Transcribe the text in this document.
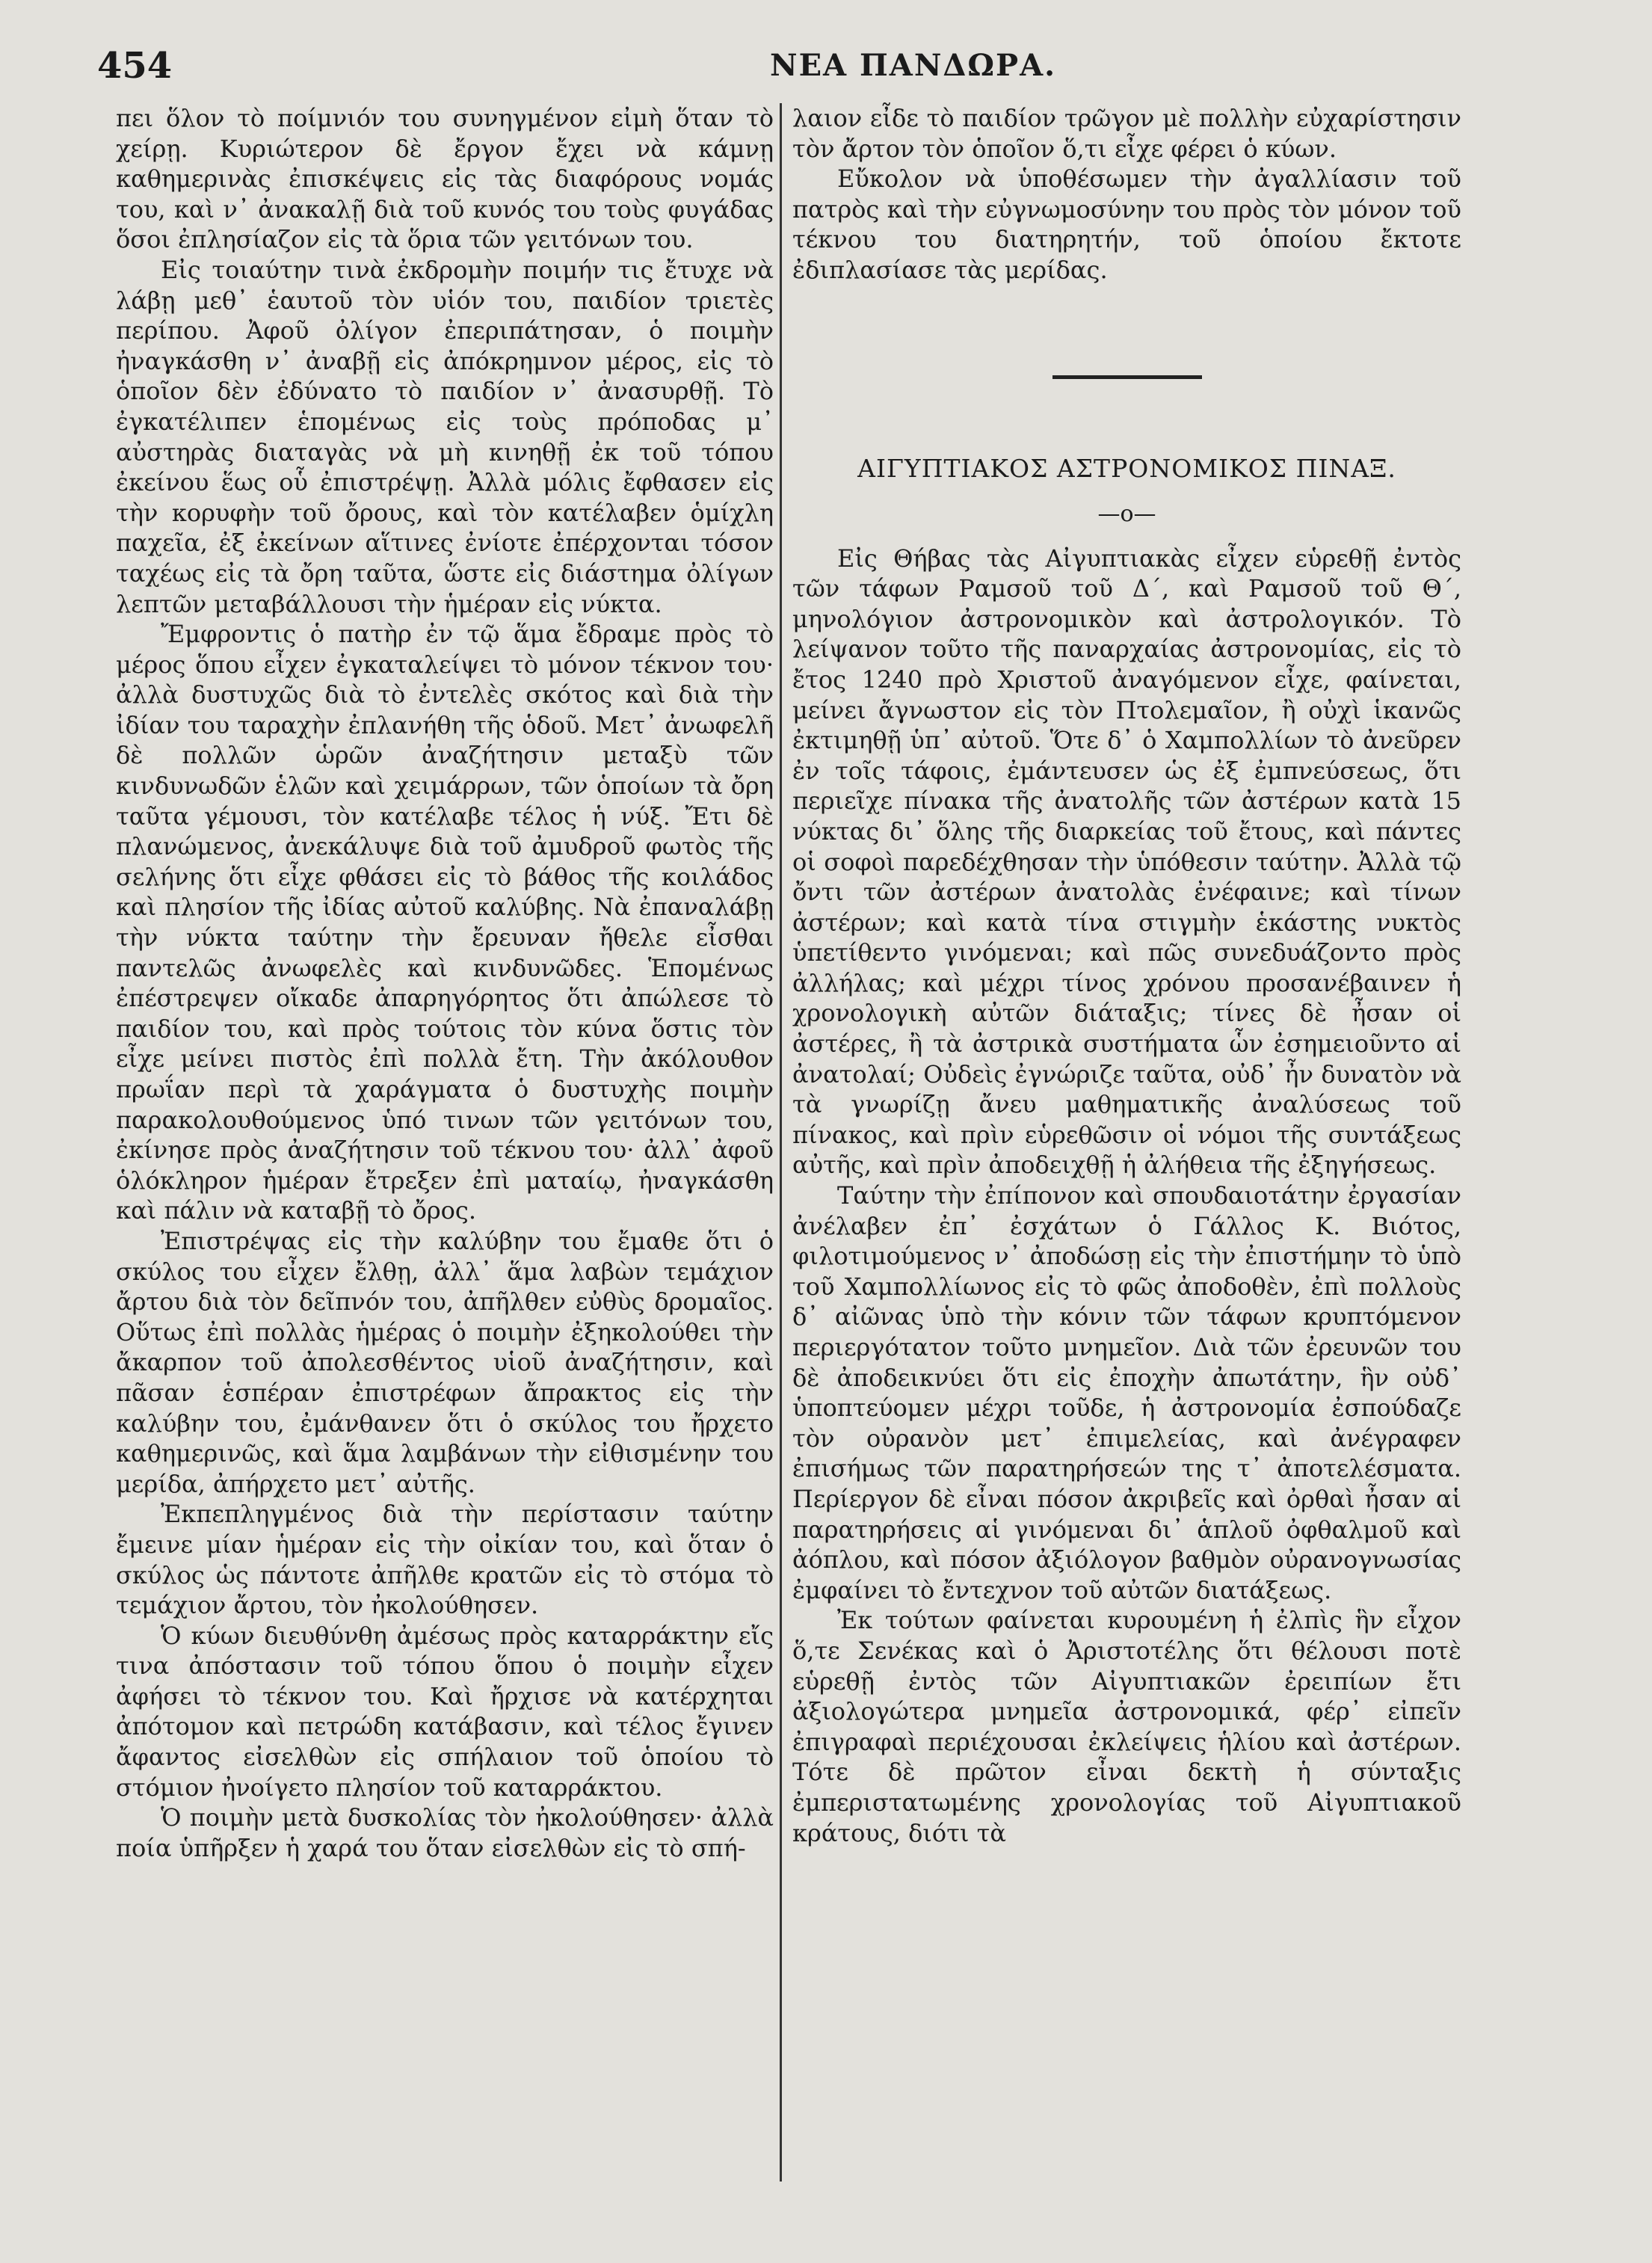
454	ΝΕΑ ΠΑΝΔΩΡΑ.

πει ὅλον τὸ ποίμνιόν του συνηγμένον εἰμὴ ὅταν τὸ χείρῃ. Κυριώτερον δὲ ἔργον ἔχει νὰ κάμνῃ καθημερινὰς ἐπισκέψεις εἰς τὰς διαφόρους νομάς του, καὶ ν᾽ ἀνακαλῇ διὰ τοῦ κυνός του τοὺς φυγάδας ὅσοι ἐπλησίαζον εἰς τὰ ὅρια τῶν γειτόνων του.

Εἰς τοιαύτην τινὰ ἐκδρομὴν ποιμήν τις ἔτυχε νὰ λάβῃ μεθ᾽ ἑαυτοῦ τὸν υἱόν του, παιδίον τριετὲς περίπου. Ἀφοῦ ὀλίγον ἐπεριπάτησαν, ὁ ποιμὴν ἠναγκάσθη ν᾽ ἀναβῇ εἰς ἀπόκρημνον μέρος, εἰς τὸ ὁποῖον δὲν ἐδύνατο τὸ παιδίον ν᾽ ἀνασυρθῇ. Τὸ ἐγκατέλιπεν ἑπομένως εἰς τοὺς πρόποδας μ᾽ αὐστηρὰς διαταγὰς νὰ μὴ κινηθῇ ἐκ τοῦ τόπου ἐκείνου ἕως οὗ ἐπιστρέψῃ. Ἀλλὰ μόλις ἔφθασεν εἰς τὴν κορυφὴν τοῦ ὄρους, καὶ τὸν κατέλαβεν ὁμίχλη παχεῖα, ἐξ ἐκείνων αἵτινες ἐνίοτε ἐπέρχονται τόσον ταχέως εἰς τὰ ὄρη ταῦτα, ὥστε εἰς διάστημα ὀλίγων λεπτῶν μεταβάλλουσι τὴν ἡμέραν εἰς νύκτα.

Ἔμφροντις ὁ πατὴρ ἐν τῷ ἅμα ἔδραμε πρὸς τὸ μέρος ὅπου εἶχεν ἐγκαταλείψει τὸ μόνον τέκνον του· ἀλλὰ δυστυχῶς διὰ τὸ ἐντελὲς σκότος καὶ διὰ τὴν ἰδίαν του ταραχὴν ἐπλανήθη τῆς ὁδοῦ. Μετ᾽ ἀνωφελῆ δὲ πολλῶν ὡρῶν ἀναζήτησιν μεταξὺ τῶν κινδυνωδῶν ἑλῶν καὶ χειμάρρων, τῶν ὁποίων τὰ ὄρη ταῦτα γέμουσι, τὸν κατέλαβε τέλος ἡ νύξ. Ἔτι δὲ πλανώμενος, ἀνεκάλυψε διὰ τοῦ ἀμυδροῦ φωτὸς τῆς σελήνης ὅτι εἶχε φθάσει εἰς τὸ βάθος τῆς κοιλάδος καὶ πλησίον τῆς ἰδίας αὐτοῦ καλύβης. Νὰ ἐπαναλάβῃ τὴν νύκτα ταύτην τὴν ἔρευναν ἤθελε εἶσθαι παντελῶς ἀνωφελὲς καὶ κινδυνῶδες. Ἑπομένως ἐπέστρεψεν οἴκαδε ἀπαρηγόρητος ὅτι ἀπώλεσε τὸ παιδίον του, καὶ πρὸς τούτοις τὸν κύνα ὅστις τὸν εἶχε μείνει πιστὸς ἐπὶ πολλὰ ἔτη. Τὴν ἀκόλουθον πρωΐαν περὶ τὰ χαράγματα ὁ δυστυχὴς ποιμὴν παρακολουθούμενος ὑπό τινων τῶν γειτόνων του, ἐκίνησε πρὸς ἀναζήτησιν τοῦ τέκνου του· ἀλλ᾽ ἀφοῦ ὁλόκληρον ἡμέραν ἔτρεξεν ἐπὶ ματαίῳ, ἠναγκάσθη καὶ πάλιν νὰ καταβῇ τὸ ὄρος.

Ἐπιστρέψας εἰς τὴν καλύβην του ἔμαθε ὅτι ὁ σκύλος του εἶχεν ἔλθῃ, ἀλλ᾽ ἅμα λαβὼν τεμάχιον ἄρτου διὰ τὸν δεῖπνόν του, ἀπῆλθεν εὐθὺς δρομαῖος. Οὕτως ἐπὶ πολλὰς ἡμέρας ὁ ποιμὴν ἐξηκολούθει τὴν ἄκαρπον τοῦ ἀπολεσθέντος υἱοῦ ἀναζήτησιν, καὶ πᾶσαν ἑσπέραν ἐπιστρέφων ἄπρακτος εἰς τὴν καλύβην του, ἐμάνθανεν ὅτι ὁ σκύλος του ἤρχετο καθημερινῶς, καὶ ἅμα λαμβάνων τὴν εἰθισμένην του μερίδα, ἀπήρχετο μετ᾽ αὐτῆς.

Ἐκπεπληγμένος διὰ τὴν περίστασιν ταύτην ἔμεινε μίαν ἡμέραν εἰς τὴν οἰκίαν του, καὶ ὅταν ὁ σκύλος ὡς πάντοτε ἀπῆλθε κρατῶν εἰς τὸ στόμα τὸ τεμάχιον ἄρτου, τὸν ἠκολούθησεν.

Ὁ κύων διευθύνθη ἀμέσως πρὸς καταρράκτην εἴς τινα ἀπόστασιν τοῦ τόπου ὅπου ὁ ποιμὴν εἶχεν ἀφήσει τὸ τέκνον του. Καὶ ἤρχισε νὰ κατέρχηται ἀπότομον καὶ πετρώδη κατάβασιν, καὶ τέλος ἔγινεν ἄφαντος εἰσελθὼν εἰς σπήλαιον τοῦ ὁποίου τὸ στόμιον ἠνοίγετο πλησίον τοῦ καταρράκτου.

Ὁ ποιμὴν μετὰ δυσκολίας τὸν ἠκολούθησεν· ἀλλὰ ποία ὑπῆρξεν ἡ χαρά του ὅταν εἰσελθὼν εἰς τὸ σπή-

λαιον εἶδε τὸ παιδίον τρῶγον μὲ πολλὴν εὐχαρίστησιν τὸν ἄρτον τὸν ὁποῖον ὅ,τι εἶχε φέρει ὁ κύων.

Εὔκολον νὰ ὑποθέσωμεν τὴν ἀγαλλίασιν τοῦ πατρὸς καὶ τὴν εὐγνωμοσύνην του πρὸς τὸν μόνον τοῦ τέκνου του διατηρητήν, τοῦ ὁποίου ἔκτοτε ἐδιπλασίασε τὰς μερίδας.

ΑΙΓΥΠΤΙΑΚΟΣ ΑΣΤΡΟΝΟΜΙΚΟΣ ΠΙΝΑΞ.
—ο—

Εἰς Θήβας τὰς Αἰγυπτιακὰς εἶχεν εὑρεθῇ ἐντὸς τῶν τάφων Ραμσοῦ τοῦ Δ΄, καὶ Ραμσοῦ τοῦ Θ΄, μηνολόγιον ἀστρονομικὸν καὶ ἀστρολογικόν. Τὸ λείψανον τοῦτο τῆς παναρχαίας ἀστρονομίας, εἰς τὸ ἔτος 1240 πρὸ Χριστοῦ ἀναγόμενον εἶχε, φαίνεται, μείνει ἄγνωστον εἰς τὸν Πτολεμαῖον, ἢ οὐχὶ ἱκανῶς ἐκτιμηθῇ ὑπ᾽ αὐτοῦ. Ὅτε δ᾽ ὁ Χαμπολλίων τὸ ἀνεῦρεν ἐν τοῖς τάφοις, ἐμάντευσεν ὡς ἐξ ἐμπνεύσεως, ὅτι περιεῖχε πίνακα τῆς ἀνατολῆς τῶν ἀστέρων κατὰ 15 νύκτας δι᾽ ὅλης τῆς διαρκείας τοῦ ἔτους, καὶ πάντες οἱ σοφοὶ παρεδέχθησαν τὴν ὑπόθεσιν ταύτην. Ἀλλὰ τῷ ὄντι τῶν ἀστέρων ἀνατολὰς ἐνέφαινε; καὶ τίνων ἀστέρων; καὶ κατὰ τίνα στιγμὴν ἑκάστης νυκτὸς ὑπετίθεντο γινόμεναι; καὶ πῶς συνεδυάζοντο πρὸς ἀλλήλας; καὶ μέχρι τίνος χρόνου προσανέβαινεν ἡ χρονολογικὴ αὐτῶν διάταξις; τίνες δὲ ἦσαν οἱ ἀστέρες, ἢ τὰ ἀστρικὰ συστήματα ὧν ἐσημειοῦντο αἱ ἀνατολαί; Οὐδεὶς ἐγνώριζε ταῦτα, οὐδ᾽ ἦν δυνατὸν νὰ τὰ γνωρίζῃ ἄνευ μαθηματικῆς ἀναλύσεως τοῦ πίνακος, καὶ πρὶν εὑρεθῶσιν οἱ νόμοι τῆς συντάξεως αὐτῆς, καὶ πρὶν ἀποδειχθῇ ἡ ἀλήθεια τῆς ἐξηγήσεως.

Ταύτην τὴν ἐπίπονον καὶ σπουδαιοτάτην ἐργασίαν ἀνέλαβεν ἐπ᾽ ἐσχάτων ὁ Γάλλος Κ. Βιότος, φιλοτιμούμενος ν᾽ ἀποδώσῃ εἰς τὴν ἐπιστήμην τὸ ὑπὸ τοῦ Χαμπολλίωνος εἰς τὸ φῶς ἀποδοθὲν, ἐπὶ πολλοὺς δ᾽ αἰῶνας ὑπὸ τὴν κόνιν τῶν τάφων κρυπτόμενον περιεργότατον τοῦτο μνημεῖον. Διὰ τῶν ἐρευνῶν του δὲ ἀποδεικνύει ὅτι εἰς ἐποχὴν ἀπωτάτην, ἣν οὐδ᾽ ὑποπτεύομεν μέχρι τοῦδε, ἡ ἀστρονομία ἐσπούδαζε τὸν οὐρανὸν μετ᾽ ἐπιμελείας, καὶ ἀνέγραφεν ἐπισήμως τῶν παρατηρήσεών της τ᾽ ἀποτελέσματα. Περίεργον δὲ εἶναι πόσον ἀκριβεῖς καὶ ὀρθαὶ ἦσαν αἱ παρατηρήσεις αἱ γινόμεναι δι᾽ ἁπλοῦ ὀφθαλμοῦ καὶ ἀόπλου, καὶ πόσον ἀξιόλογον βαθμὸν οὐρανογνωσίας ἐμφαίνει τὸ ἔντεχνον τοῦ αὐτῶν διατάξεως.

Ἐκ τούτων φαίνεται κυρουμένη ἡ ἐλπὶς ἣν εἶχον ὅ,τε Σενέκας καὶ ὁ Ἀριστοτέλης ὅτι θέλουσι ποτὲ εὑρεθῇ ἐντὸς τῶν Αἰγυπτιακῶν ἐρειπίων ἔτι ἀξιολογώτερα μνημεῖα ἀστρονομικά, φέρ᾽ εἰπεῖν ἐπιγραφαὶ περιέχουσαι ἐκλείψεις ἡλίου καὶ ἀστέρων. Τότε δὲ πρῶτον εἶναι δεκτὴ ἡ σύνταξις ἐμπεριστατωμένης χρονολογίας τοῦ Αἰγυπτιακοῦ κράτους, διότι τὰ
